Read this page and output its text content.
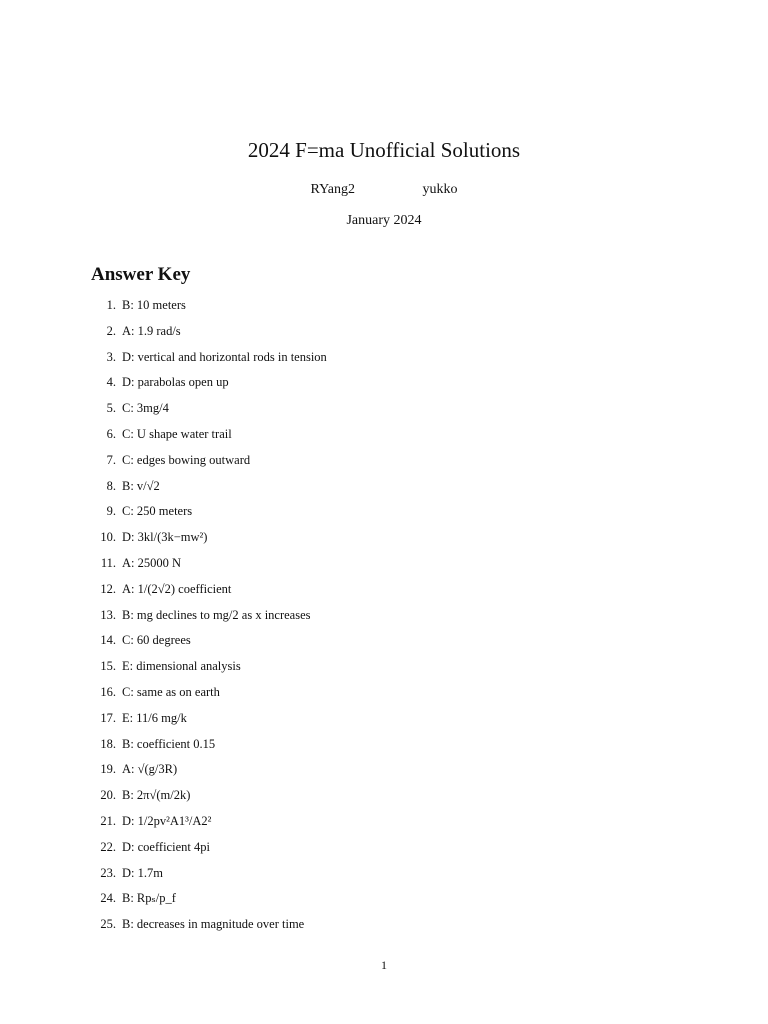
2024 F=ma Unofficial Solutions
RYang2	yukko
January 2024
Answer Key
1. B: 10 meters
2. A: 1.9 rad/s
3. D: vertical and horizontal rods in tension
4. D: parabolas open up
5. C: 3mg/4
6. C: U shape water trail
7. C: edges bowing outward
8. B: v/√2
9. C: 250 meters
10. D: 3kl/(3k−mw²)
11. A: 25000 N
12. A: 1/(2√2) coefficient
13. B: mg declines to mg/2 as x increases
14. C: 60 degrees
15. E: dimensional analysis
16. C: same as on earth
17. E: 11/6 mg/k
18. B: coefficient 0.15
19. A: √(g/3R)
20. B: 2π√(m/2k)
21. D: 1/2pv²A1³/A2²
22. D: coefficient 4pi
23. D: 1.7m
24. B: Rpₛ/p_f
25. B: decreases in magnitude over time
1
